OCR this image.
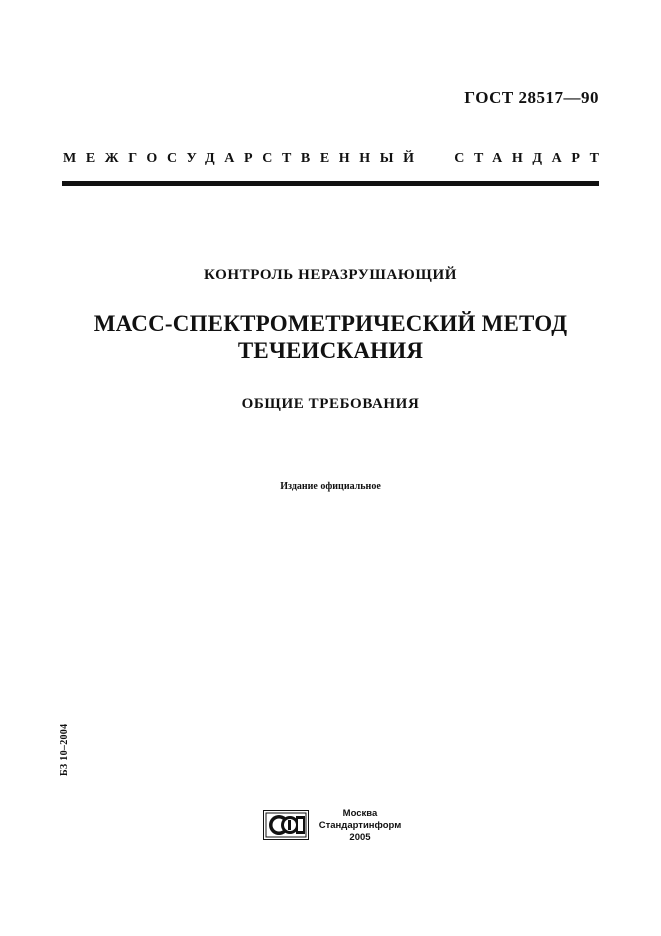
ГОСТ 28517—90
МЕЖГОСУДАРСТВЕННЫЙ СТАНДАРТ
КОНТРОЛЬ НЕРАЗРУШАЮЩИЙ
МАСС-СПЕКТРОМЕТРИЧЕСКИЙ МЕТОД
ТЕЧЕИСКАНИЯ
ОБЩИЕ ТРЕБОВАНИЯ
Издание официальное
БЗ 10–2004
Москва
Стандартинформ
2005
